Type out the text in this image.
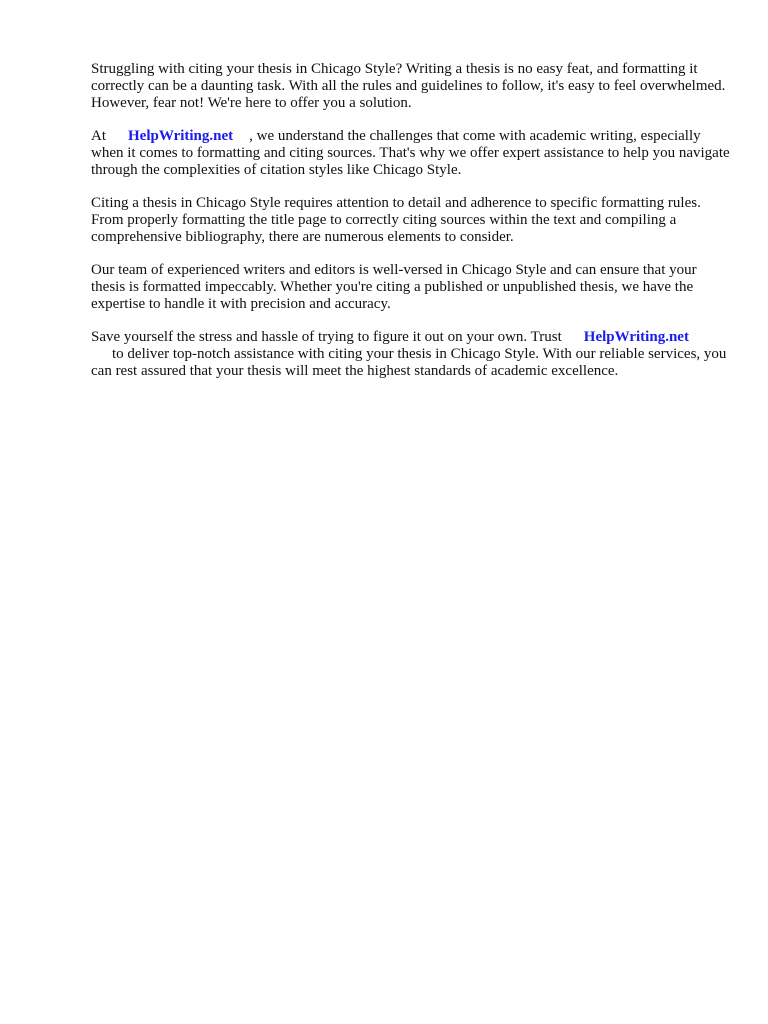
Struggling with citing your thesis in Chicago Style? Writing a thesis is no easy feat, and formatting it correctly can be a daunting task. With all the rules and guidelines to follow, it's easy to feel overwhelmed. However, fear not! We're here to offer you a solution.

At HelpWriting.net , we understand the challenges that come with academic writing, especially when it comes to formatting and citing sources. That's why we offer expert assistance to help you navigate through the complexities of citation styles like Chicago Style.

Citing a thesis in Chicago Style requires attention to detail and adherence to specific formatting rules. From properly formatting the title page to correctly citing sources within the text and compiling a comprehensive bibliography, there are numerous elements to consider.

Our team of experienced writers and editors is well-versed in Chicago Style and can ensure that your thesis is formatted impeccably. Whether you're citing a published or unpublished thesis, we have the expertise to handle it with precision and accuracy.

Save yourself the stress and hassle of trying to figure it out on your own. Trust HelpWriting.net
to deliver top-notch assistance with citing your thesis in Chicago Style. With our reliable services, you can rest assured that your thesis will meet the highest standards of academic excellence.
